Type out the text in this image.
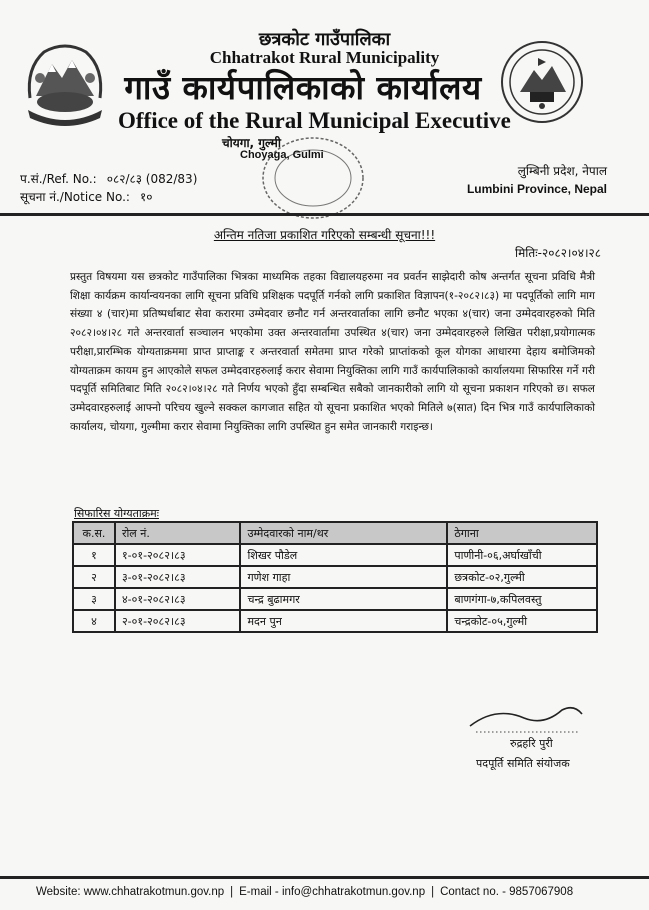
छत्रकोट गाउँपालिका
Chhatrakot Rural Municipality
गाउँ कार्यपालिकाको कार्यालय
Office of the Rural Municipal Executive
प.सं./Ref. No.: ०८२/८३ (082/83)
सूचना नं./Notice No.: १०
चोयगा, गुल्मी
Choyaga, Gulmi
लुम्बिनी प्रदेश, नेपाल
Lumbini Province, Nepal
अन्तिम नतिजा प्रकाशित गरिएको सम्बन्धी सूचना!!!
मितिः-२०८२।०४।२८
प्रस्तुत विषयमा यस छत्रकोट गाउँपालिका भित्रका माध्यमिक तहका विद्यालयहरुमा नव प्रवर्तन साझेदारी कोष अन्तर्गत सूचना प्रविधि मैत्री शिक्षा कार्यक्रम कार्यान्वयनका लागि सूचना प्रविधि प्रशिक्षक पदपूर्ति गर्नको लागि प्रकाशित विज्ञापन(१-२०८२।८३) मा पदपूर्तिको लागि माग संख्या ४ (चार)मा प्रतिष्पर्धाबाट सेवा करारमा उम्मेदवार छनौट गर्न अन्तरवार्ताका लागि छनौट भएका ४(चार) जना उम्मेदवारहरुको मिति २०८२।०४।२८ गते अन्तरवार्ता सञ्चालन भएकोमा उक्त अन्तरवार्तामा उपस्थित ४(चार) जना उम्मेदवारहरुले लिखित परीक्षा,प्रयोगात्मक परीक्षा,प्रारम्भिक योग्यताक्रममा प्राप्त प्राप्ताङ्क र अन्तरवार्ता समेतमा प्राप्त गरेको प्राप्तांकको कूल योगका आधारमा देहाय बमोजिमको योग्यताक्रम कायम हुन आएकोले सफल उम्मेदवारहरुलाई करार सेवामा नियुक्तिका लागि गाउँ कार्यपालिकाको कार्यालयमा सिफारिस गर्ने गरी पदपूर्ति समितिबाट मिति २०८२।०४।२८ गते निर्णय भएको हुँदा सम्बन्धित सबैको जानकारीको लागि यो सूचना प्रकाशन गरिएको छ। सफल उम्मेदवारहरुलाई आफ्नो परिचय खुल्ने सक्कल कागजात सहित यो सूचना प्रकाशित भएको मितिले ७(सात) दिन भित्र गाउँ कार्यपालिकाको कार्यालय, चोयगा, गुल्मीमा करार सेवामा नियुक्तिका लागि उपस्थित हुन समेत जानकारी गराइन्छ।
सिफारिस योग्यताक्रमः
क.स.	रोल नं.	उम्मेदवारको नाम/थर	ठेगाना
१	१-०१-२०८२।८३	शिखर पौडेल	पाणीनी-०६,अर्घाखाँची
२	३-०१-२०८२।८३	गणेश गाहा	छत्रकोट-०२,गुल्मी
३	४-०१-२०८२।८३	चन्द्र बुढामगर	बाणगंगा-७,कपिलवस्तु
४	२-०१-२०८२।८३	मदन पुन	चन्द्रकोट-०५,गुल्मी
रुद्रहरि पुरी
पदपूर्ति समिति संयोजक
Website: www.chhatrakotmun.gov.np | E-mail - info@chhatrakotmun.gov.np | Contact no. - 9857067908
